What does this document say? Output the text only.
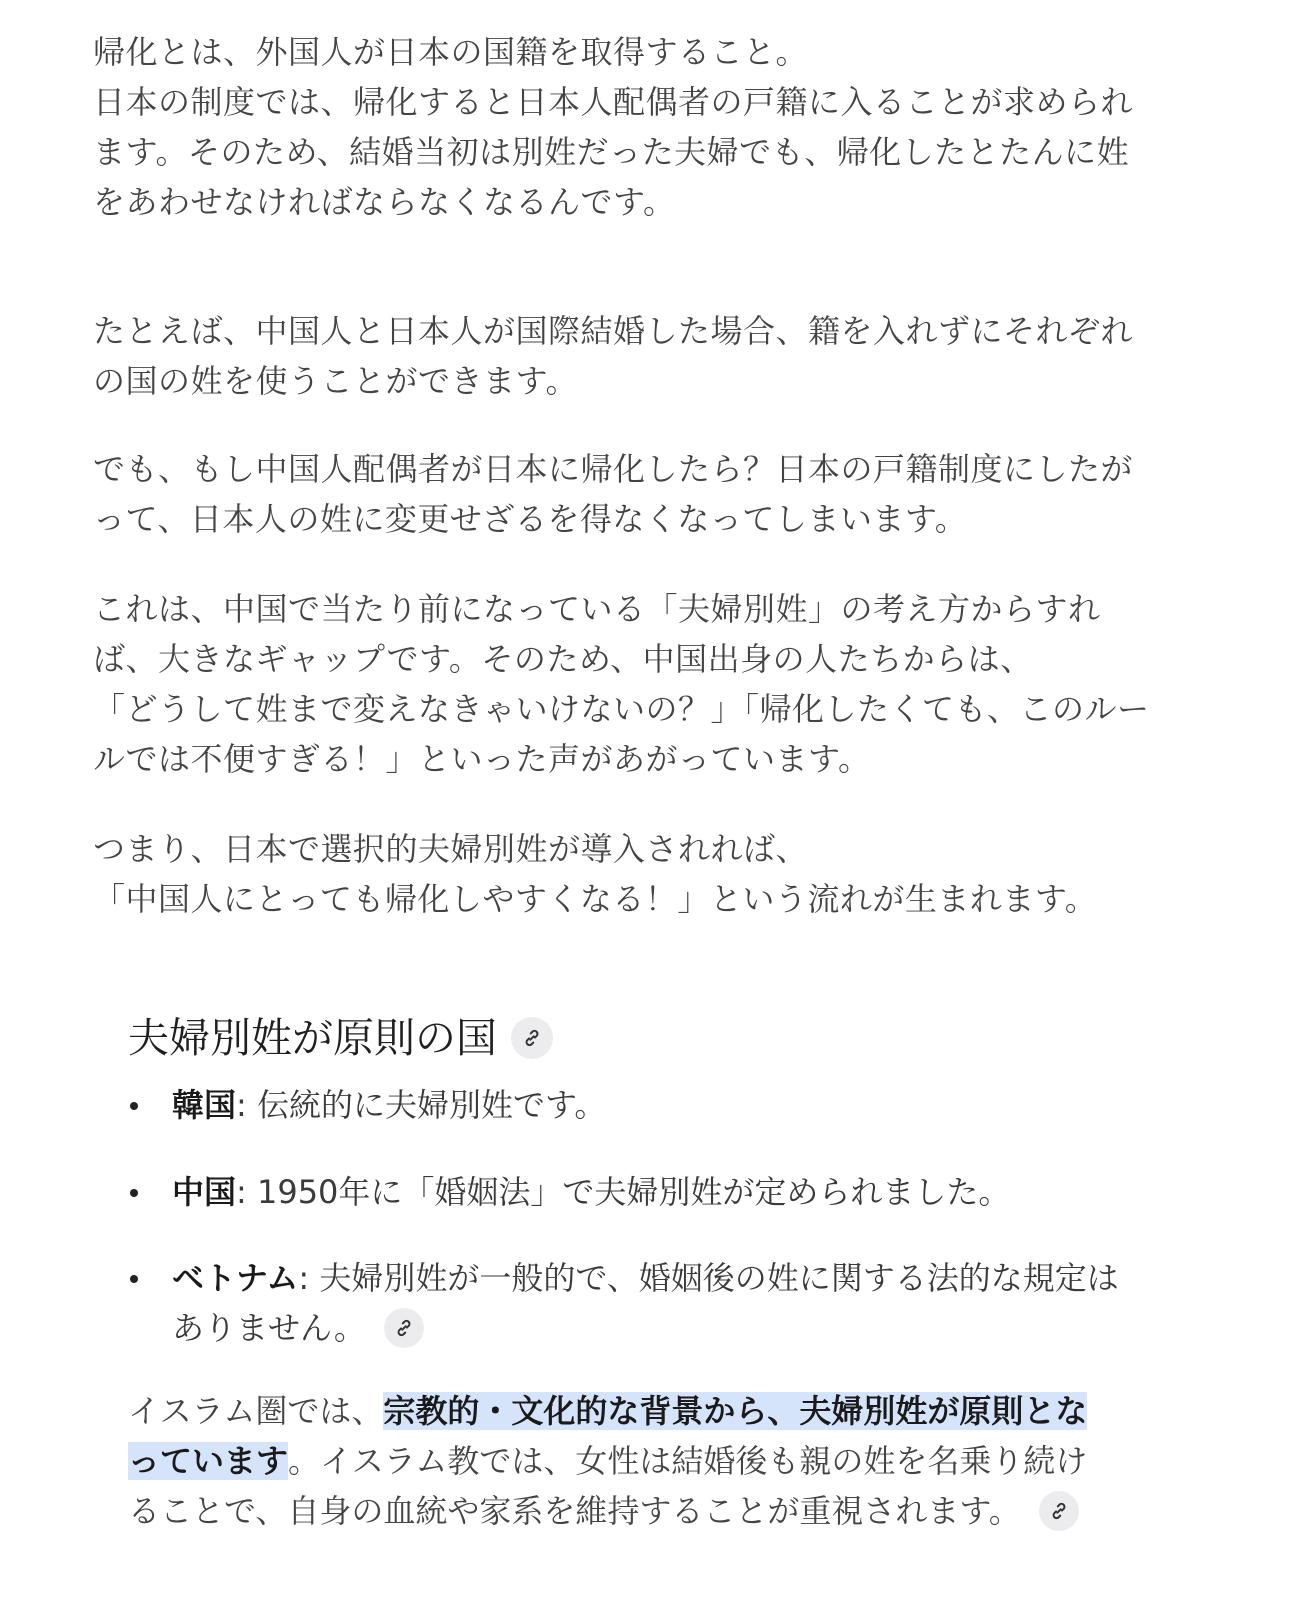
帰化とは、外国人が日本の国籍を取得すること。
日本の制度では、帰化すると日本人配偶者の戸籍に入ることが求められ
ます。そのため、結婚当初は別姓だった夫婦でも、帰化したとたんに姓
をあわせなければならなくなるんです。

たとえば、中国人と日本人が国際結婚した場合、籍を入れずにそれぞれ
の国の姓を使うことができます。

でも、もし中国人配偶者が日本に帰化したら？日本の戸籍制度にしたが
って、日本人の姓に変更せざるを得なくなってしまいます。

これは、中国で当たり前になっている「夫婦別姓」の考え方からすれ
ば、大きなギャップです。そのため、中国出身の人たちからは、
「どうして姓まで変えなきゃいけないの？」「帰化したくても、このルー
ルでは不便すぎる！」といった声があがっています。

つまり、日本で選択的夫婦別姓が導入されれば、
「中国人にとっても帰化しやすくなる！」という流れが生まれます。

夫婦別姓が原則の国
韓国: 伝統的に夫婦別姓です。
中国: 1950年に「婚姻法」で夫婦別姓が定められました。
ベトナム: 夫婦別姓が一般的で、婚姻後の姓に関する法的な規定は
ありません。

イスラム圏では、宗教的・文化的な背景から、夫婦別姓が原則とな
っています。イスラム教では、女性は結婚後も親の姓を名乗り続け
ることで、自身の血統や家系を維持することが重視されます。
